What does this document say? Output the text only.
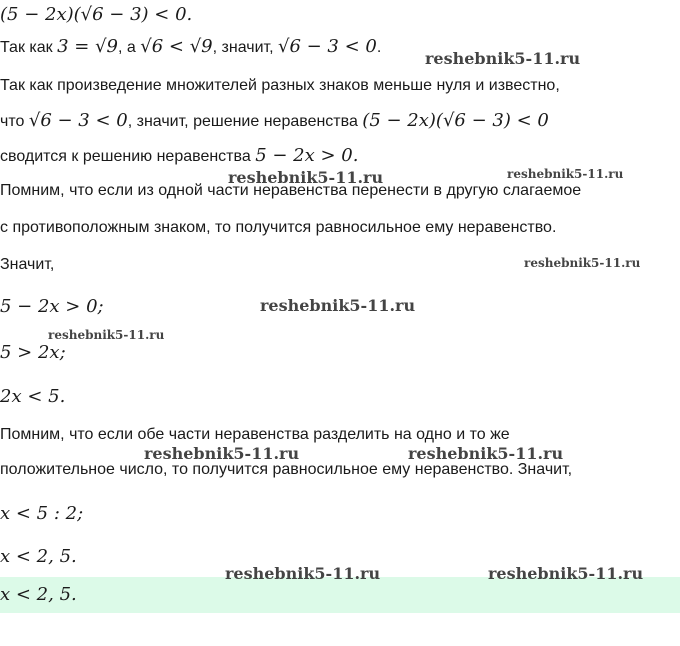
(5 − 2x)(√6 − 3) < 0.
Так как 3 = √9, а √6 < √9, значит, √6 − 3 < 0.
Так как произведение множителей разных знаков меньше нуля и известно,
что √6 − 3 < 0, значит, решение неравенства (5 − 2x)(√6 − 3) < 0
сводится к решению неравенства 5 − 2x > 0.
Помним, что если из одной части неравенства перенести в другую слагаемое
с противоположным знаком, то получится равносильное ему неравенство.
Значит,
5 − 2x > 0;
5 > 2x;
2x < 5.
Помним, что если обе части неравенства разделить на одно и то же
положительное число, то получится равносильное ему неравенство. Значит,
x < 5 : 2;
x < 2, 5.
x < 2, 5.
reshebnik5-11.ru
reshebnik5-11.ru
reshebnik5-11.ru
reshebnik5-11.ru
reshebnik5-11.ru
reshebnik5-11.ru
reshebnik5-11.ru	reshebnik5-11.ru
reshebnik5-11.ru	reshebnik5-11.ru
